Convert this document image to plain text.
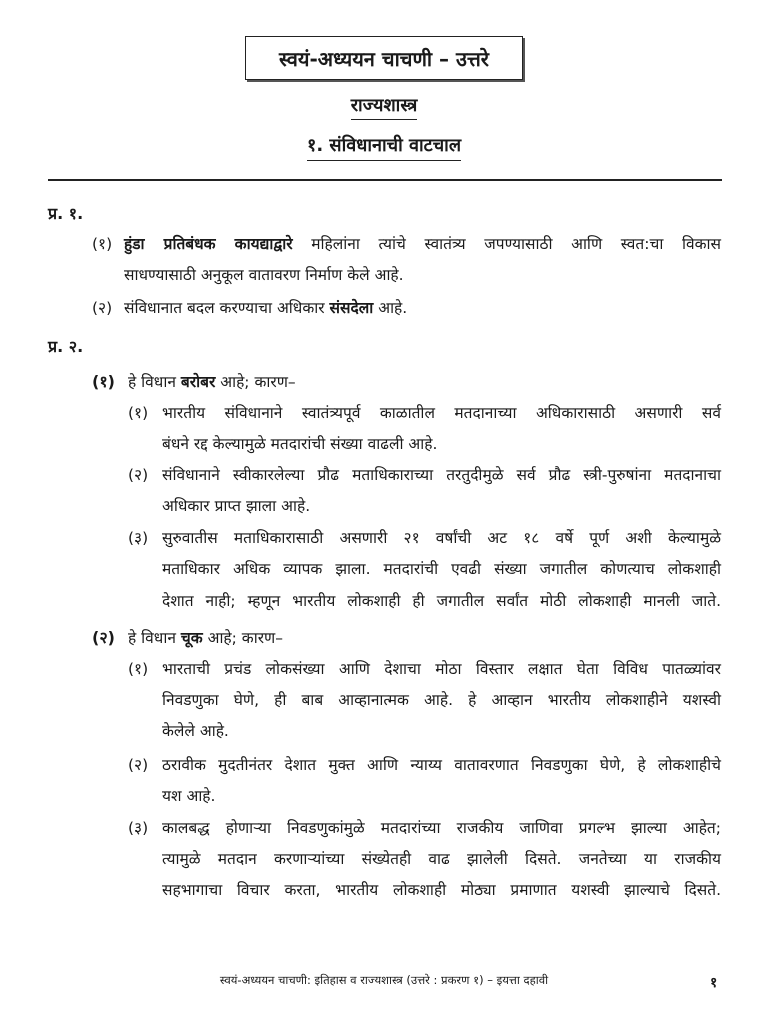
स्वयं-अध्ययन चाचणी – उत्तरे
राज्यशास्त्र
१. संविधानाची वाटचाल
प्र. १.
(१) हुंडा प्रतिबंधक कायद्याद्वारे महिलांना त्यांचे स्वातंत्र्य जपण्यासाठी आणि स्वत:चा विकास
साधण्यासाठी अनुकूल वातावरण निर्माण केले आहे.
(२) संविधानात बदल करण्याचा अधिकार संसदेला आहे.
प्र. २.
(१) हे विधान बरोबर आहे; कारण–
(१) भारतीय संविधानाने स्वातंत्र्यपूर्व काळातील मतदानाच्या अधिकारासाठी असणारी सर्व
बंधने रद्द केल्यामुळे मतदारांची संख्या वाढली आहे.
(२) संविधानाने स्वीकारलेल्या प्रौढ मताधिकाराच्या तरतुदीमुळे सर्व प्रौढ स्त्री-पुरुषांना मतदानाचा
अधिकार प्राप्त झाला आहे.
(३) सुरुवातीस मताधिकारासाठी असणारी २१ वर्षांची अट १८ वर्षे पूर्ण अशी केल्यामुळे
मताधिकार अधिक व्यापक झाला. मतदारांची एवढी संख्या जगातील कोणत्याच लोकशाही
देशात नाही; म्हणून भारतीय लोकशाही ही जगातील सर्वांत मोठी लोकशाही मानली जाते.
(२) हे विधान चूक आहे; कारण–
(१) भारताची प्रचंड लोकसंख्या आणि देशाचा मोठा विस्तार लक्षात घेता विविध पातळ्यांवर
निवडणुका घेणे, ही बाब आव्हानात्मक आहे. हे आव्हान भारतीय लोकशाहीने यशस्वी
केलेले आहे.
(२) ठरावीक मुदतीनंतर देशात मुक्त आणि न्याय्य वातावरणात निवडणुका घेणे, हे लोकशाहीचे
यश आहे.
(३) कालबद्ध होणाऱ्या निवडणुकांमुळे मतदारांच्या राजकीय जाणिवा प्रगल्भ झाल्या आहेत;
त्यामुळे मतदान करणाऱ्यांच्या संख्येतही वाढ झालेली दिसते. जनतेच्या या राजकीय
सहभागाचा विचार करता, भारतीय लोकशाही मोठ्या प्रमाणात यशस्वी झाल्याचे दिसते.
स्वयं-अध्ययन चाचणी: इतिहास व राज्यशास्त्र (उत्तरे : प्रकरण १) – इयत्ता दहावी	१
